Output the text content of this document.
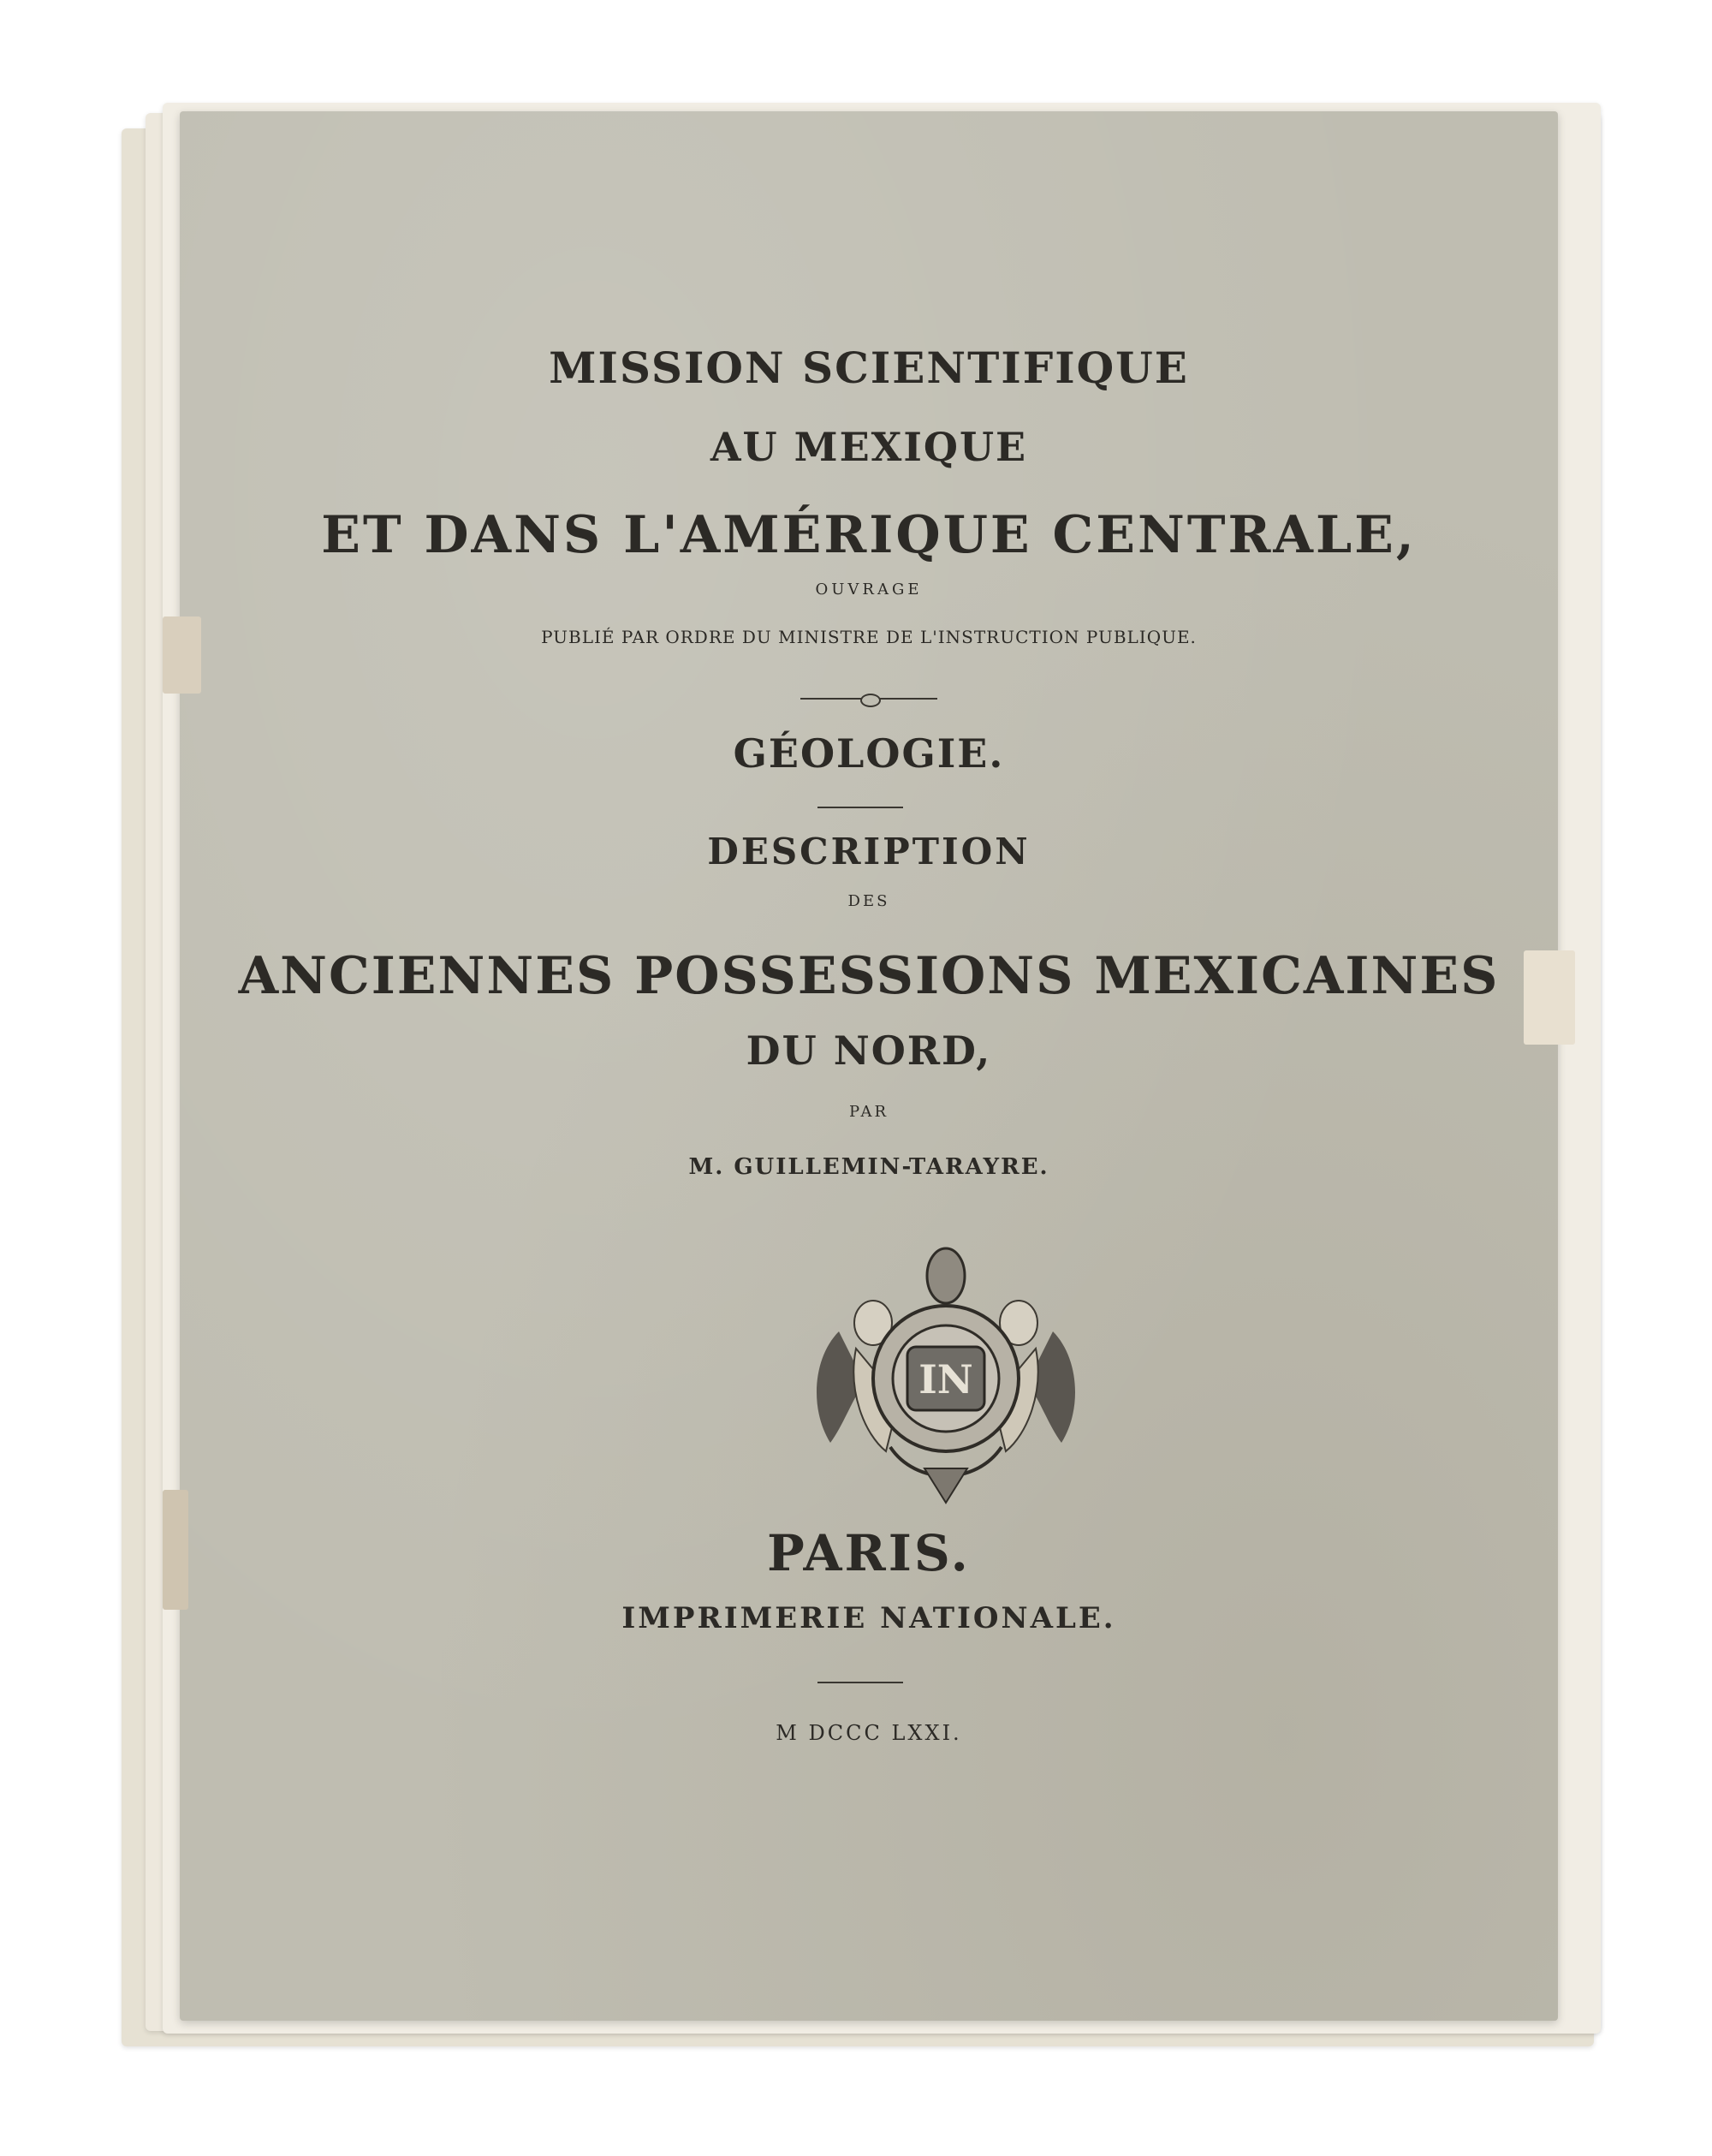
MISSION SCIENTIFIQUE
AU MEXIQUE
ET DANS L'AMÉRIQUE CENTRALE,
OUVRAGE
PUBLIÉ PAR ORDRE DU MINISTRE DE L'INSTRUCTION PUBLIQUE.
GÉOLOGIE.
DESCRIPTION
DES
ANCIENNES POSSESSIONS MEXICAINES
DU NORD,
PAR
M. GUILLEMIN-TARAYRE.
IN
PARIS.
IMPRIMERIE NATIONALE.
M DCCC LXXI.
